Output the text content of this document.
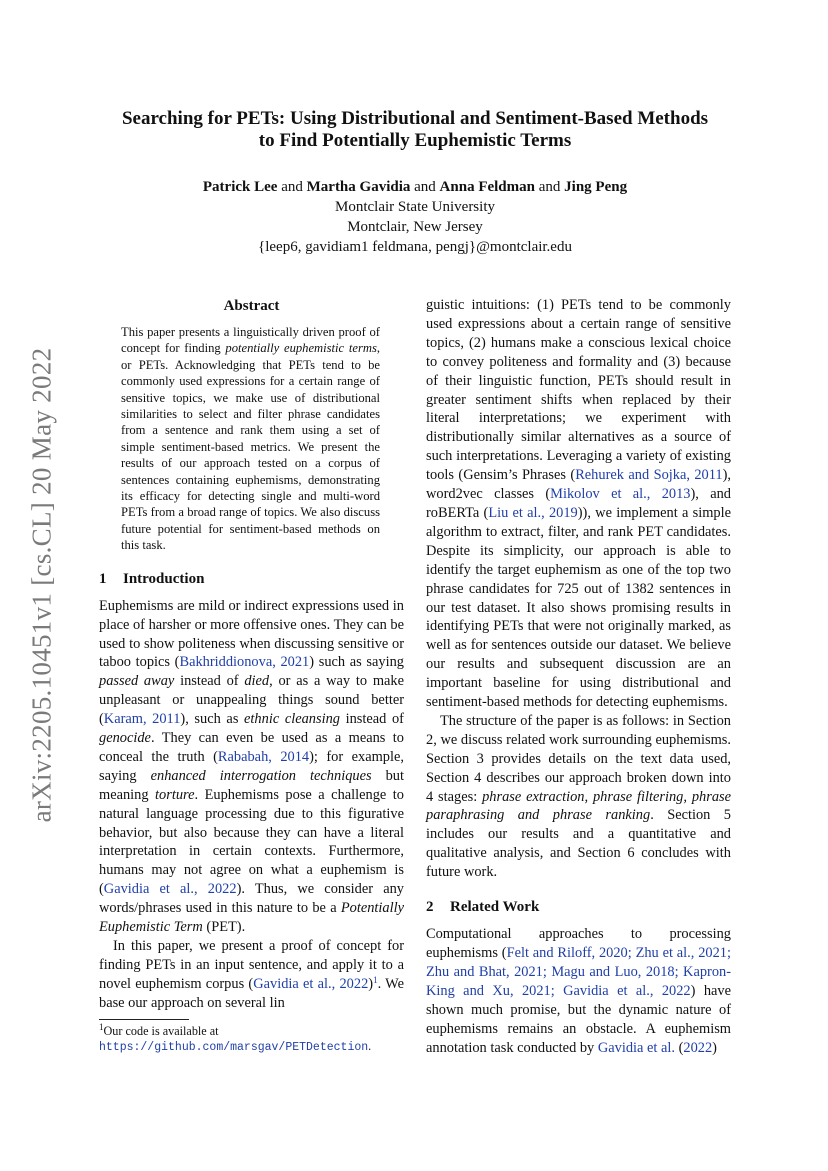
arXiv:2205.10451v1 [cs.CL] 20 May 2022
Searching for PETs: Using Distributional and Sentiment-Based Methods
to Find Potentially Euphemistic Terms
Patrick Lee and Martha Gavidia and Anna Feldman and Jing Peng
Montclair State University
Montclair, New Jersey
{leep6, gavidiam1 feldmana, pengj}@montclair.edu
Abstract

This paper presents a linguistically driven proof of concept for finding potentially euphemistic terms, or PETs. Acknowledging that PETs tend to be commonly used expressions for a certain range of sensitive topics, we make use of distributional similarities to select and filter phrase candidates from a sentence and rank them using a set of simple sentiment-based metrics. We present the results of our approach tested on a corpus of sentences containing euphemisms, demonstrating its efficacy for detecting single and multi-word PETs from a broad range of topics. We also discuss future potential for sentiment-based methods on this task.

1 Introduction

Euphemisms are mild or indirect expressions used in place of harsher or more offensive ones. They can be used to show politeness when discussing sensitive or taboo topics (Bakhriddionova, 2021) such as saying passed away instead of died, or as a way to make unpleasant or unappealing things sound better (Karam, 2011), such as ethnic cleansing instead of genocide. They can even be used as a means to conceal the truth (Rababah, 2014); for example, saying enhanced interrogation techniques but meaning torture. Euphemisms pose a challenge to natural language processing due to this figurative behavior, but also because they can have a literal interpretation in certain contexts. Furthermore, humans may not agree on what a euphemism is (Gavidia et al., 2022). Thus, we consider any words/phrases used in this nature to be a Potentially Euphemistic Term (PET).

In this paper, we present a proof of concept for finding PETs in an input sentence, and apply it to a novel euphemism corpus (Gavidia et al., 2022)$^1$. We base our approach on several lin

$^1$Our code is available at https://github.com/marsgav/PETDetection.

guistic intuitions: (1) PETs tend to be commonly used expressions about a certain range of sensitive topics, (2) humans make a conscious lexical choice to convey politeness and formality and (3) because of their linguistic function, PETs should result in greater sentiment shifts when replaced by their literal interpretations; we experiment with distributionally similar alternatives as a source of such interpretations. Leveraging a variety of existing tools (Gensim’s Phrases (Rehurek and Sojka, 2011), word2vec classes (Mikolov et al., 2013), and roBERTa (Liu et al., 2019)), we implement a simple algorithm to extract, filter, and rank PET candidates. Despite its simplicity, our approach is able to identify the target euphemism as one of the top two phrase candidates for 725 out of 1382 sentences in our test dataset. It also shows promising results in identifying PETs that were not originally marked, as well as for sentences outside our dataset. We believe our results and subsequent discussion are an important baseline for using distributional and sentiment-based methods for detecting euphemisms.

The structure of the paper is as follows: in Section 2, we discuss related work surrounding euphemisms. Section 3 provides details on the text data used, Section 4 describes our approach broken down into 4 stages: phrase extraction, phrase filtering, phrase paraphrasing and phrase ranking. Section 5 includes our results and a quantitative and qualitative analysis, and Section 6 concludes with future work.

2 Related Work

Computational approaches to processing euphemisms (Felt and Riloff, 2020; Zhu et al., 2021; Zhu and Bhat, 2021; Magu and Luo, 2018; Kapron-King and Xu, 2021; Gavidia et al., 2022) have shown much promise, but the dynamic nature of euphemisms remains an obstacle. A euphemism annotation task conducted by Gavidia et al. (2022)
